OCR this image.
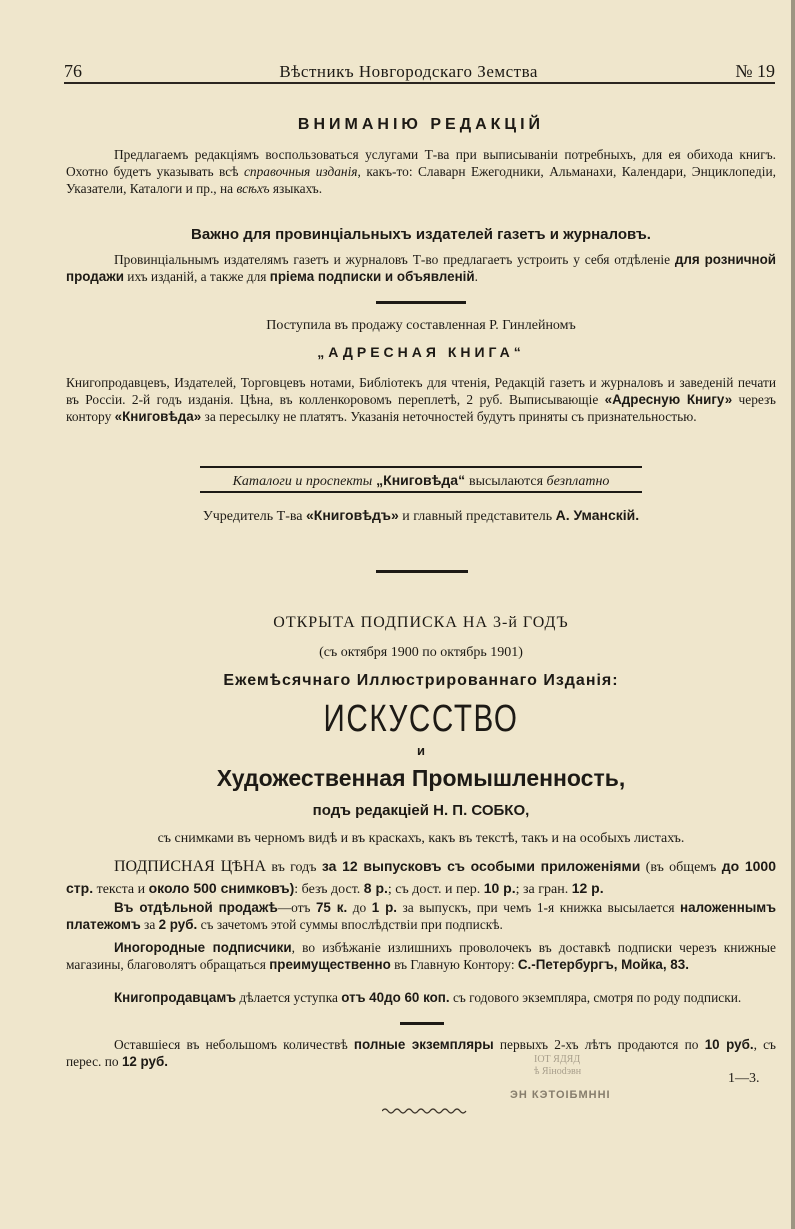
76	Вѣстникъ Новгородскаго Земства	№ 19
ВНИМАНІЮ РЕДАКЦІЙ

Предлагаемъ редакціямъ воспользоваться услугами Т-ва при выписыванiи потребныхъ, для ея обихода книгъ. Охотно будетъ указывать всѣ справочныя изданія, какъ-то: Славарн Ежегодники, Альманахи, Календари, Энциклопедіи, Указатели, Каталоги и пр., на всѣхъ языкахъ.

Важно для провинціальныхъ издателей газетъ и журналовъ.

Провинціальнымъ издателямъ газетъ и журналовъ Т-во предлагаетъ устроить у себя отдѣленіе для розничной продажи ихъ изданій, а также для пріема подписки и объявленій.

Поступила въ продажу составленная Р. Гинлейномъ
„АДРЕСНАЯ КНИГА“

Книгопродавцевъ, Издателей, Торговцевъ нотами, Библіотекъ для чтенія, Редакцій газетъ и журналовъ и заведеній печати въ Россіи. 2-й годъ изданія. Цѣна, въ колленкоровомъ переплетѣ, 2 руб. Выписывающіе «Адресную Книгу» черезъ контору «Книговѣда» за пересылку не платятъ. Указанія неточностей будутъ приняты съ признательностью.

Каталоги и проспекты „Книговѣда“ высылаются безплатно
Учредитель Т-ва «Книговѣдъ» и главный представитель А. Уманскій.
ОТКРЫТА ПОДПИСКА НА 3-й ГОДЪ
(съ октября 1900 по октябрь 1901)
Ежемѣсячнаго Иллюстрированнаго Изданія:
ИСКУССТВО
и
Художественная Промышленность,
подъ редакціей Н. П. СОБКО,
съ снимками въ черномъ видѣ и въ краскахъ, какъ въ текстѣ, такъ и на особыхъ листахъ.

ПОДПИСНАЯ ЦѢНА въ годъ за 12 выпусковъ съ особыми приложеніями (въ общемъ до 1000 стр. текста и около 500 снимковъ): безъ дост. 8 р.; съ дост. и пер. 10 р.; за гран. 12 р.

Въ отдѣльной продажѣ—отъ 75 к. до 1 р. за выпускъ, при чемъ 1-я книжка высылается наложеннымъ платежомъ за 2 руб. съ зачетомъ этой суммы впослѣдствіи при подпискѣ.

Иногородные подписчики, во избѣжаніе излишнихъ проволочекъ въ доставкѣ подписки черезъ книжные магазины, благоволятъ обращаться преимущественно въ Главную Контору: С.-Петербургъ, Мойка, 83.

Книгопродавцамъ дѣлается уступка отъ 40до 60 коп. съ годового экземпляра, смотря по роду подписки.

Оставшіеся въ небольшомъ количествѣ полные экземпляры первыхъ 2-хъ лѣтъ продаются по 10 руб., съ перес. по 12 руб.

1—3.
ІОТ ЯДЯД
ѣ Яіноdэвн
ЭН КЭТОІБМННІ
